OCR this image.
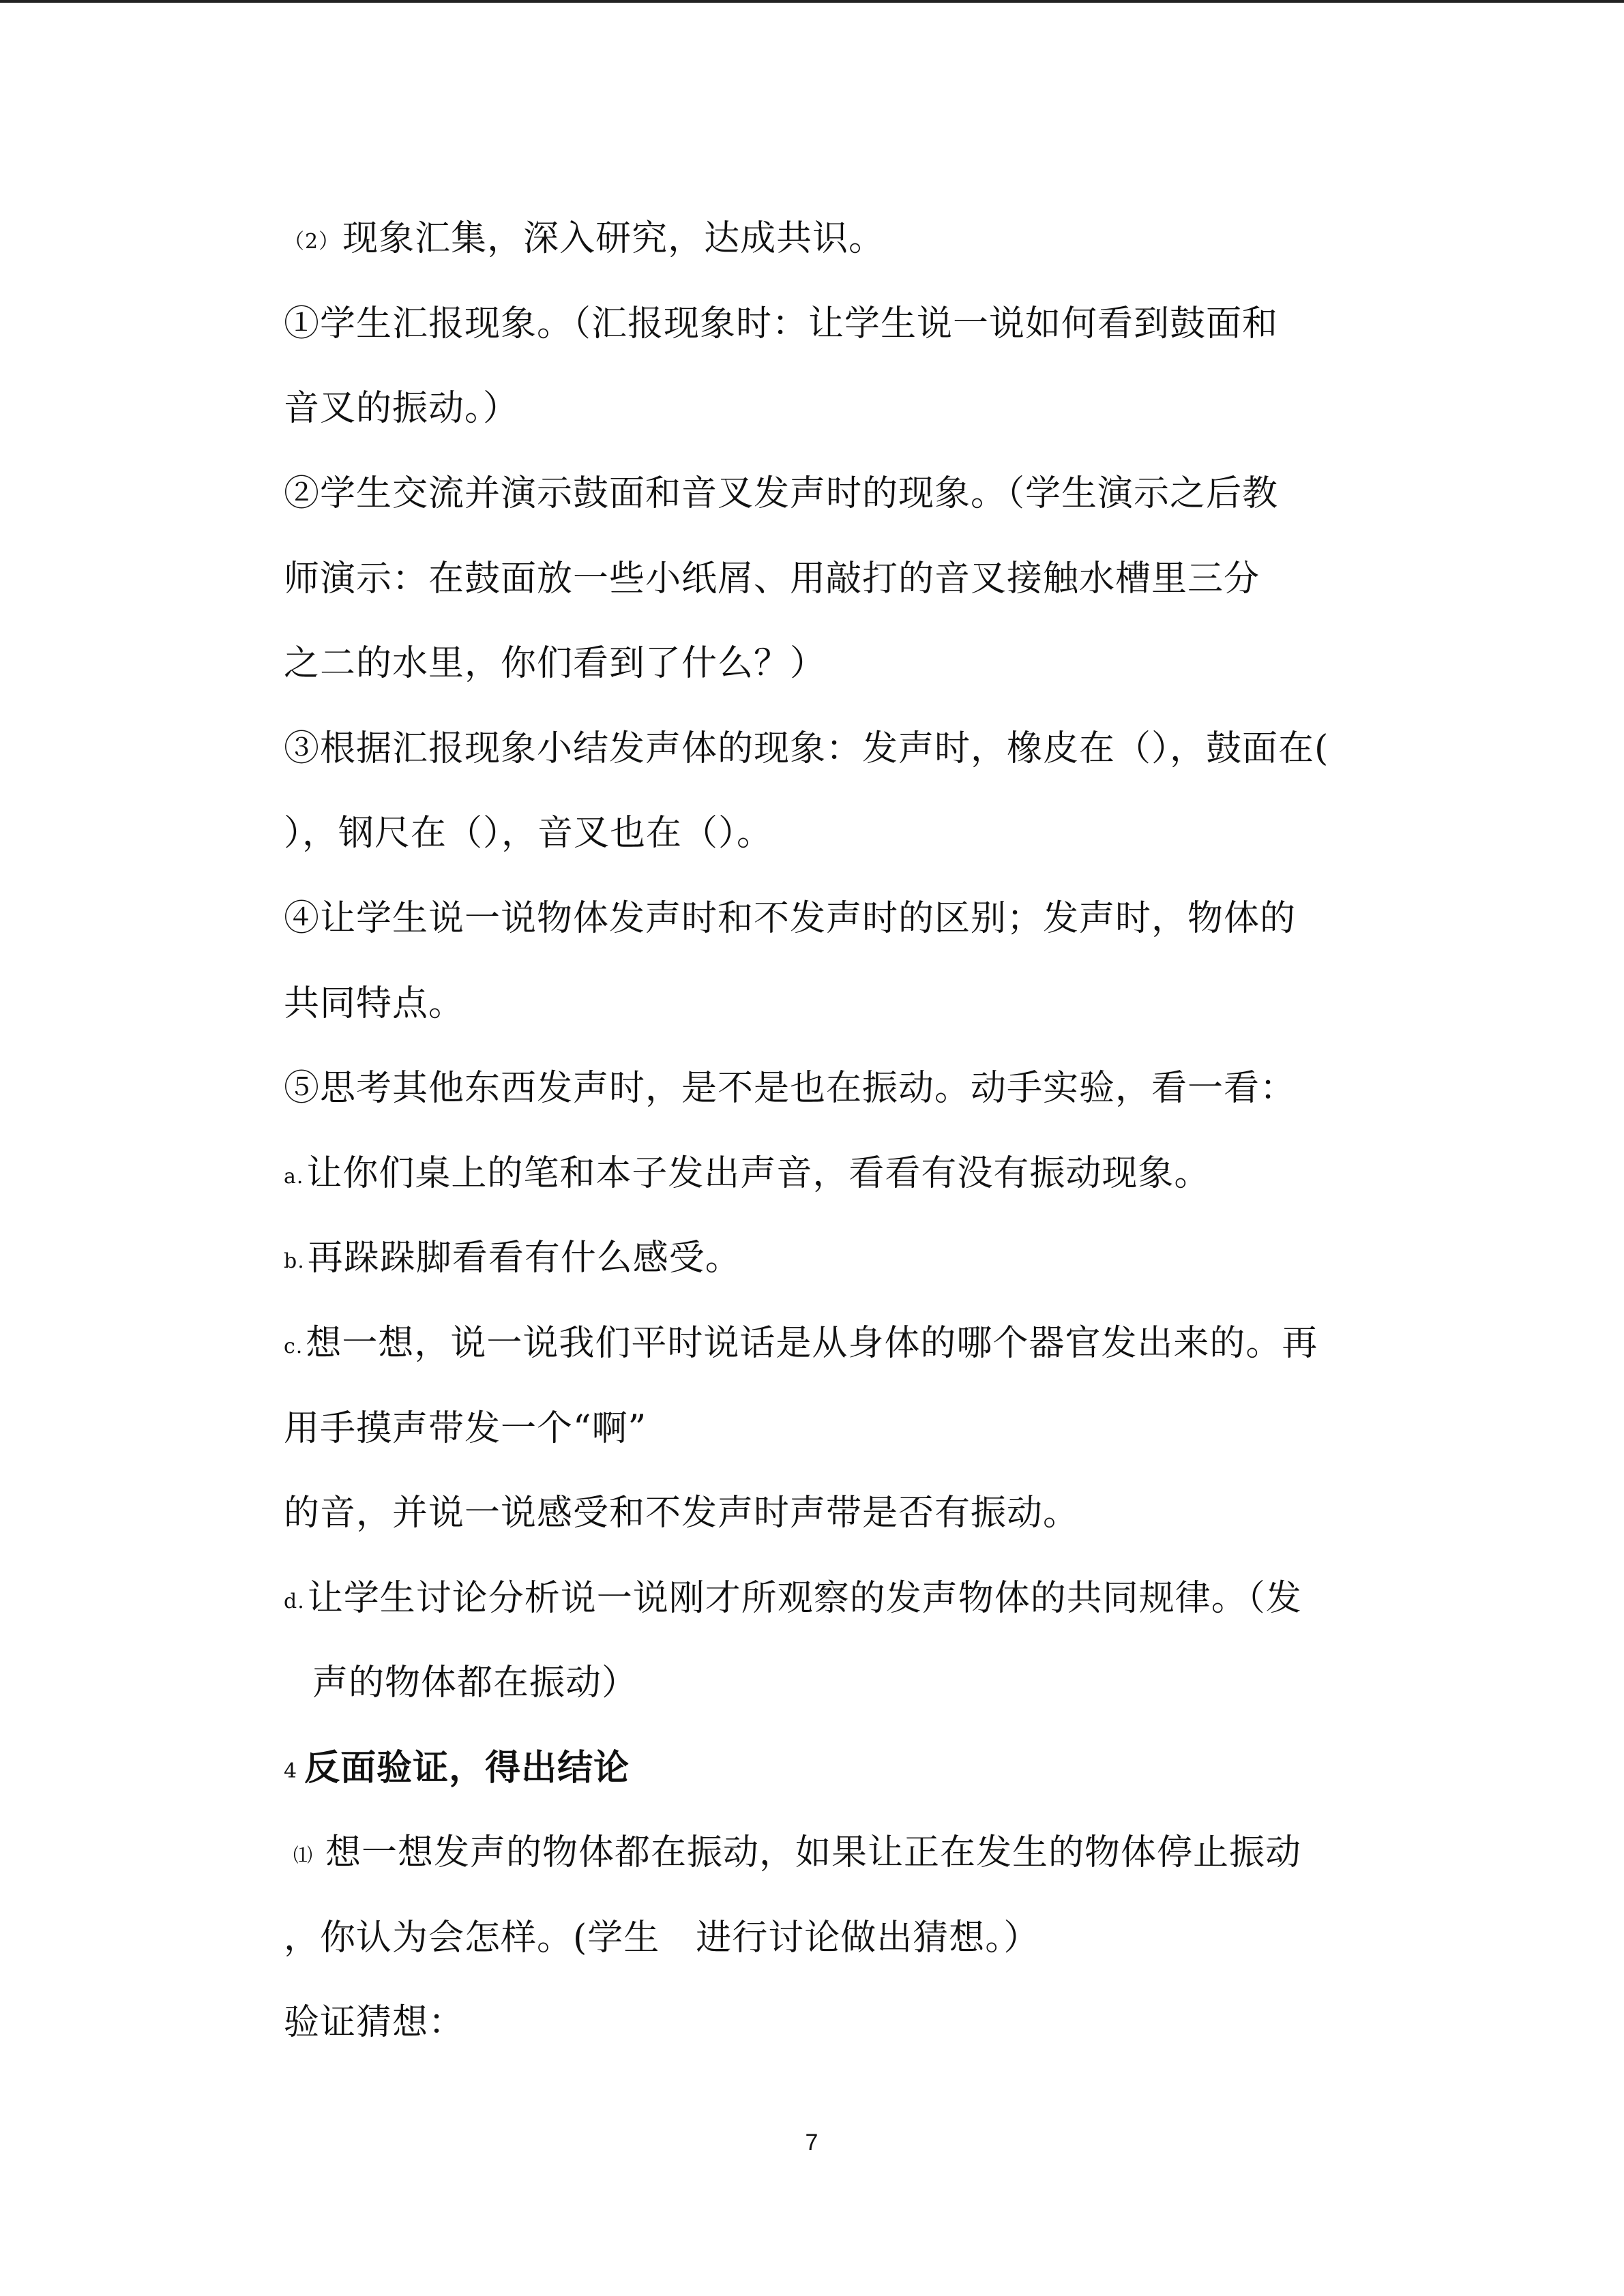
（2）现象汇集，深入研究，达成共识。
①学生汇报现象。（汇报现象时：让学生说一说如何看到鼓面和
音叉的振动。）
②学生交流并演示鼓面和音叉发声时的现象。（学生演示之后教
师演示：在鼓面放一些小纸屑、用敲打的音叉接触水槽里三分
之二的水里，你们看到了什么？）
③根据汇报现象小结发声体的现象：发声时，橡皮在（），鼓面在(
），钢尺在（），音叉也在（）。
④让学生说一说物体发声时和不发声时的区别；发声时，物体的
共同特点。
⑤思考其他东西发声时，是不是也在振动。动手实验，看一看：
a.让你们桌上的笔和本子发出声音，看看有没有振动现象。
b.再跺跺脚看看有什么感受。
c.想一想，说一说我们平时说话是从身体的哪个器官发出来的。再
用手摸声带发一个“啊”
的音，并说一说感受和不发声时声带是否有振动。
d.让学生讨论分析说一说刚才所观察的发声物体的共同规律。（发
声的物体都在振动）
4 反面验证，得出结论
⑴ 想一想发声的物体都在振动，如果让正在发生的物体停止振动
，你认为会怎样。(学生　进行讨论做出猜想。）
验证猜想：
7
